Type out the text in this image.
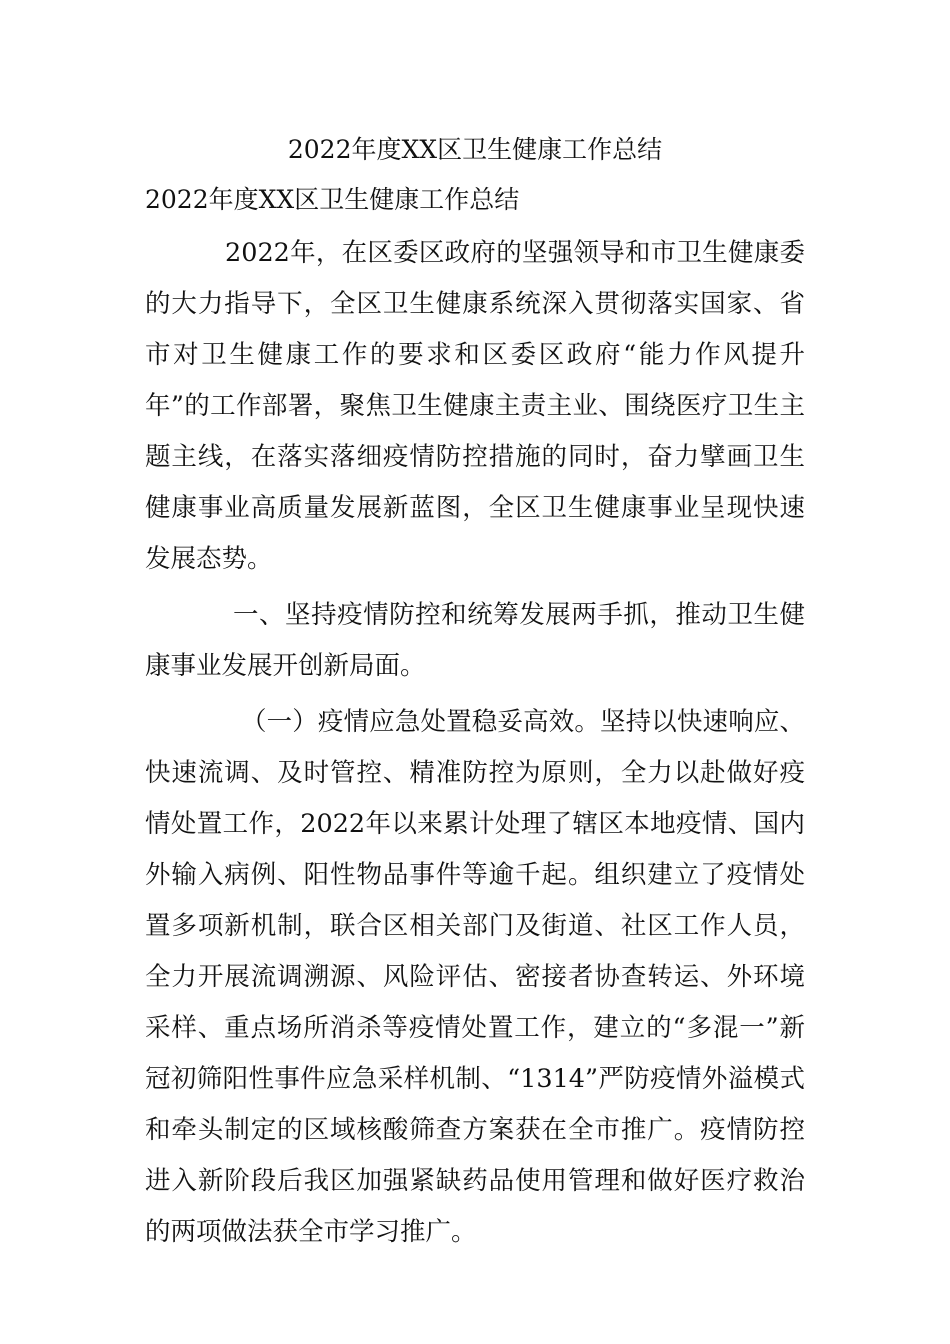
2022年度XX区卫生健康工作总结
2022年度XX区卫生健康工作总结

2022年，在区委区政府的坚强领导和市卫生健康委的大力指导下，全区卫生健康系统深入贯彻落实国家、省市对卫生健康工作的要求和区委区政府“能力作风提升年”的工作部署，聚焦卫生健康主责主业、围绕医疗卫生主题主线，在落实落细疫情防控措施的同时，奋力擘画卫生健康事业高质量发展新蓝图，全区卫生健康事业呈现快速发展态势。

一、坚持疫情防控和统筹发展两手抓，推动卫生健康事业发展开创新局面。

（一）疫情应急处置稳妥高效。坚持以快速响应、快速流调、及时管控、精准防控为原则，全力以赴做好疫情处置工作，2022年以来累计处理了辖区本地疫情、国内外输入病例、阳性物品事件等逾千起。组织建立了疫情处置多项新机制，联合区相关部门及街道、社区工作人员，全力开展流调溯源、风险评估、密接者协查转运、外环境采样、重点场所消杀等疫情处置工作，建立的“多混一”新冠初筛阳性事件应急采样机制、“1314”严防疫情外溢模式和牵头制定的区域核酸筛查方案获在全市推广。疫情防控进入新阶段后我区加强紧缺药品使用管理和做好医疗救治的两项做法获全市学习推广。
